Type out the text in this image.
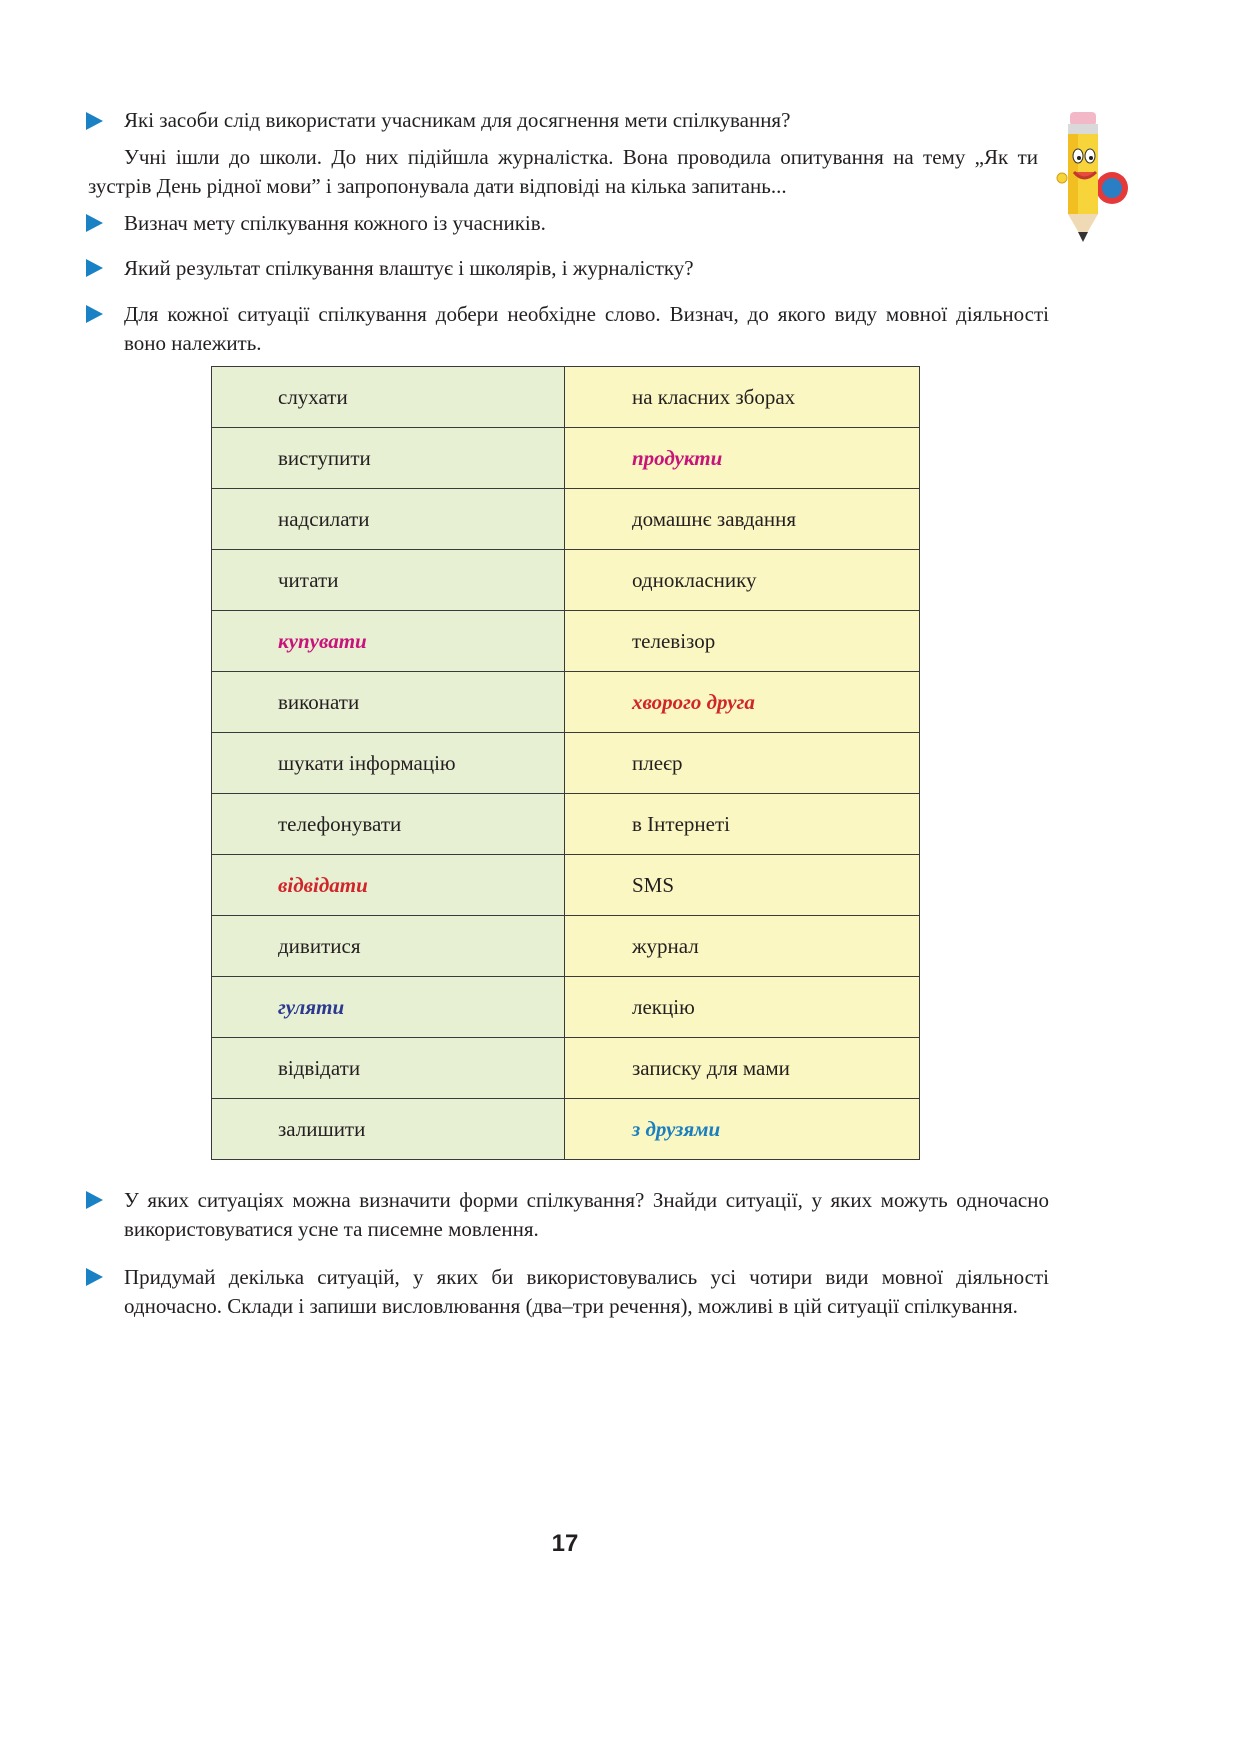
Які засоби слід використати учасникам для досягнення мети спілкування?
Учні ішли до школи. До них підійшла журналістка. Вона проводила опитування на тему „Як ти зустрів День рідної мови” і запропонувала дати відповіді на кілька запитань...
Визнач мету спілкування кожного із учасників.
Який результат спілкування влаштує і школярів, і журналістку?
Для кожної ситуації спілкування добери необхідне слово. Визнач, до якого виду мовної діяльності воно належить.
слухати	на класних зборах
виступити	продукти
надсилати	домашнє завдання
читати	однокласнику
купувати	телевізор
виконати	хворого друга
шукати інформацію	плеєр
телефонувати	в Інтернеті
відвідати	SMS
дивитися	журнал
гуляти	лекцію
відвідати	записку для мами
залишити	з друзями
У яких ситуаціях можна визначити форми спілкування? Знайди ситуації, у яких можуть одночасно використовуватися усне та писемне мовлення.
Придумай декілька ситуацій, у яких би використовувались усі чотири види мовної діяльності одночасно. Склади і запиши висловлювання (два–три речення), можливі в цій ситуації спілкування.
17
